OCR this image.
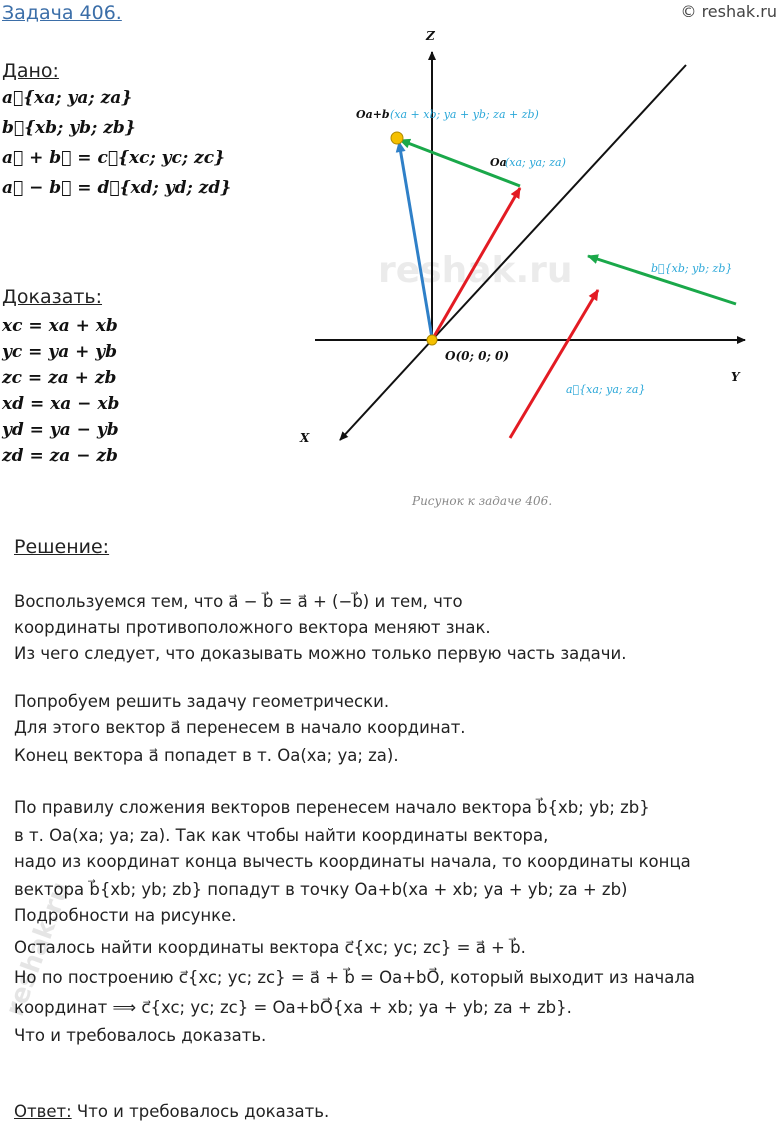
Задача 406.	© reshak.ru
Дано:
a⃗{xa; ya; za}
b⃗{xb; yb; zb}
a⃗ + b⃗ = c⃗{xc; yc; zc}
a⃗ − b⃗ = d⃗{xd; yd; zd}
Доказать:
xc = xa + xb
yc = ya + yb
zc = za + zb
xd = xa − xb
yd = ya − yb
zd = za − zb
reshak.ru
Z
Y
X
O(0; 0; 0)
Oa+b (xa + xb; ya + yb; za + zb)
Oa
(xa; ya; za)
b⃗{xb; yb; zb}
a⃗{xa; ya; za}
Рисунок к задаче 406.
Решение:
Воспользуемся тем, что a⃗ − b⃗ = a⃗ + (−b⃗) и тем, что
координаты противоположного вектора меняют знак.
Из чего следует, что доказывать можно только первую часть задачи.
Попробуем решить задачу геометрически.
Для этого вектор a⃗ перенесем в начало координат.
Конец вектора a⃗ попадет в т. Oa(xa; ya; za).
По правилу сложения векторов перенесем начало вектора b⃗{xb; yb; zb}
в т. Oa(xa; ya; za). Так как чтобы найти координаты вектора,
надо из координат конца вычесть координаты начала, то координаты конца
вектора b⃗{xb; yb; zb} попадут в точку Oa+b(xa + xb; ya + yb; za + zb)
Подробности на рисунке.
Осталось найти координаты вектора c⃗{xc; yc; zc} = a⃗ + b⃗.
Но по построению c⃗{xc; yc; zc} = a⃗ + b⃗ = Oa+bO⃗, который выходит из начала
координат ⟹ c⃗{xc; yc; zc} = Oa+bO⃗{xa + xb; ya + yb; za + zb}.
Что и требовалось доказать.
reshak.ru
Ответ: Что и требовалось доказать.
